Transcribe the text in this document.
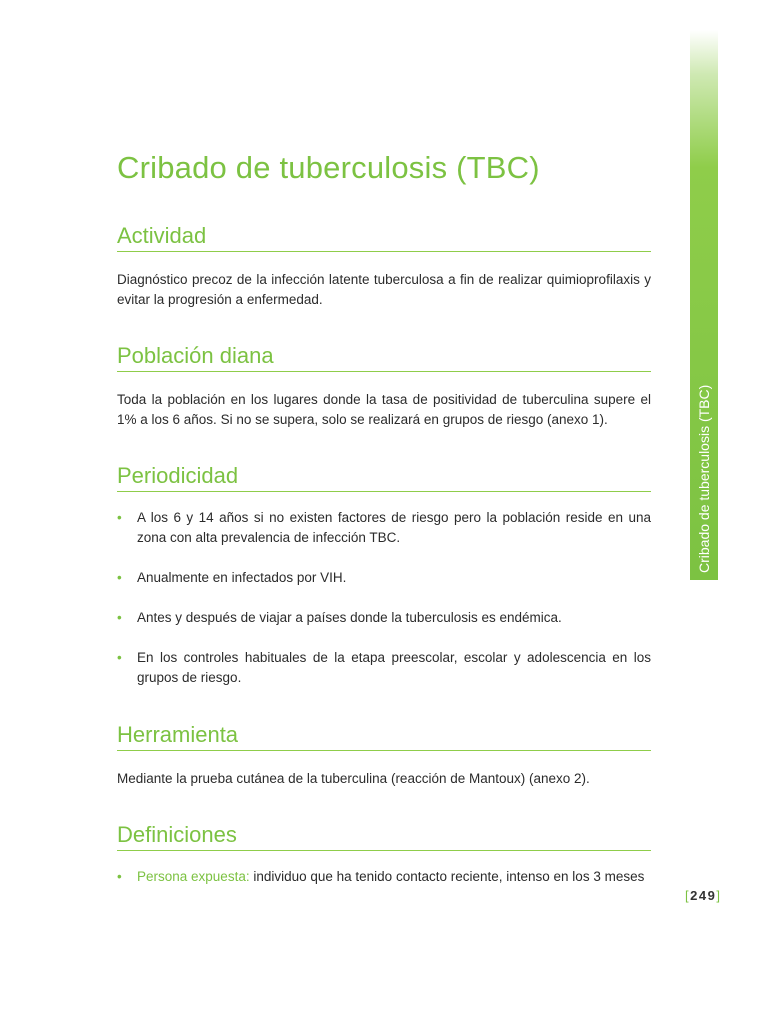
Cribado de tuberculosis (TBC)
Cribado de tuberculosis (TBC)
Actividad

Diagnóstico precoz de la infección latente tuberculosa a fin de realizar quimioprofilaxis y evitar la progresión a enfermedad.

Población diana

Toda la población en los lugares donde la tasa de positividad de tuberculina supere el 1% a los 6 años. Si no se supera, solo se realizará en grupos de riesgo (anexo 1).

Periodicidad
• A los 6 y 14 años si no existen factores de riesgo pero la población reside en una zona con alta prevalencia de infección TBC.
• Anualmente en infectados por VIH.
• Antes y después de viajar a países donde la tuberculosis es endémica.
• En los controles habituales de la etapa preescolar, escolar y adolescencia en los grupos de riesgo.
Herramienta

Mediante la prueba cutánea de la tuberculina (reacción de Mantoux) (anexo 2).

Definiciones
• Persona expuesta: individuo que ha tenido contacto reciente, intenso en los 3 meses
[249]
